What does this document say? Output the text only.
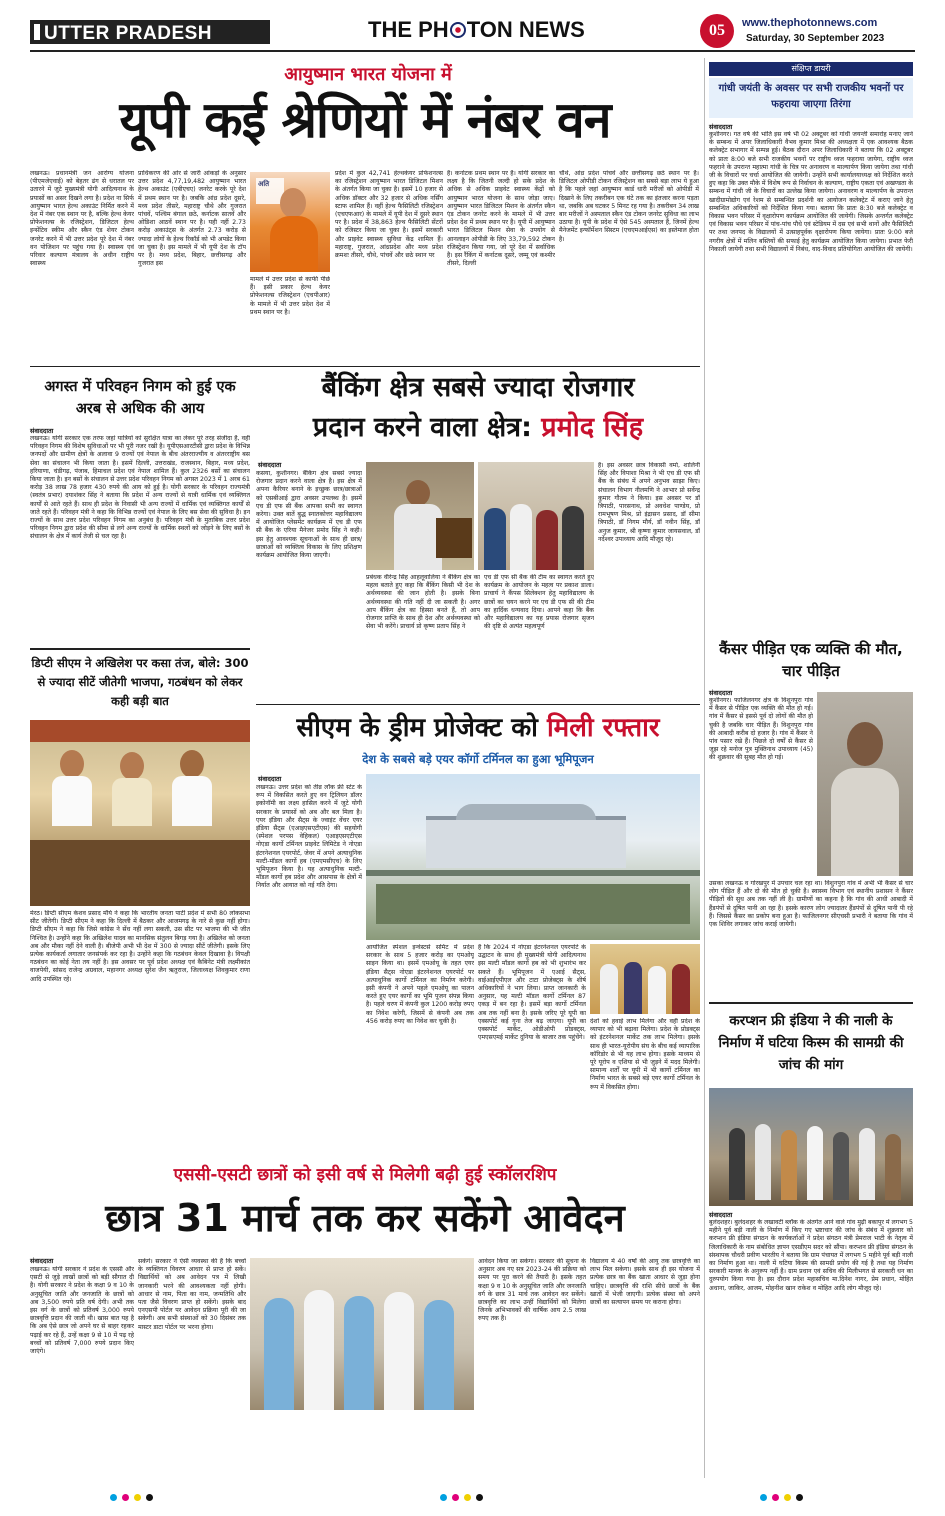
UTTER PRADESH	THE PH TON NEWS	05	www.thephotonnews.com
Saturday, 30 September 2023
आयुष्मान भारत योजना में
यूपी कई श्रेणियों में नंबर वन
लखनऊ। प्रधानमंत्री जन आरोग्य योजना (पीएमजेएवाई) को बेहतर ढंग से धरातल पर उतारने में जुटे मुख्यमंत्री योगी आदित्यनाथ के प्रयासों का असर दिखने लगा है। प्रदेश ना सिर्फ आयुष्मान भारत हेल्थ अकाउंट निर्मित करने में देश में नंबर एक स्थान पर है, बल्कि हेल्थ केयर प्रोफेशनल्स के रजिस्ट्रेशन, डिजिटल हेल्थ इन्सेंटिव स्कीम और स्कैन एंड शेयर टोकन जनरेट करने में भी उत्तर प्रदेश पूरे देश में नंबर वन पोजिशन पर पहुंच गया है। स्वास्थ्य एवं परिवार कल्याण मंत्रालय के अधीन राष्ट्रीय स्वास्थ्य
प्राधिकरण की ओर से जारी आंकड़ों के अनुसार उत्तर प्रदेश 4,77,19,482 आयुष्मान भारत हेल्थ अकाउंट (एबीएचए) जनरेट करके पूरे देश में प्रथम स्थान पर है। जबकि आंध्र प्रदेश दूसरे, मध्य प्रदेश तीसरे, महाराष्ट्र चौथे और गुजरात पांचवें, पश्चिम बंगाल छठे, कर्नाटक सातवें और ओडिशा आठवें स्थान पर है। यही नहीं 2.73 करोड़ अकाउंट्स के अंतर्गत 2.73 करोड़ से ज्यादा लोगों के हेल्थ रिकॉर्ड को भी अपडेट किया जा चुका है। इस मामले में भी यूपी देश के टॉप पर है। मध्य प्रदेश, बिहार, छत्तीसगढ़ और गुजरात इस
अति
मामले में उत्तर प्रदेश से काफी पीछे हैं। इसी प्रकार हेल्थ केयर प्रोफेशनल्स रजिस्ट्रेशन (एचपीआर) के मामले में भी उत्तर प्रदेश देश में प्रथम स्थान पर है।
प्रदेश में कुल 42,741 हेल्थकेयर प्रोफेशनल्स का रजिस्ट्रेशन आयुष्मान भारत डिजिटल मिशन के अंतर्गत किया जा चुका है। इसमें 10 हजार से अधिक डॉक्टर और 32 हजार से अधिक नर्सिंग स्टाफ शामिल हैं। वहीं हेल्थ फैसिलिटी रजिस्ट्रेशन (एचएफआर) के मामले में यूपी देश में दूसरे स्थान पर है। प्रदेश में 38,863 हेल्थ फैसिलिटी सेंटरों को रजिस्टर किया जा चुका है। इसमें सरकारी और प्राइवेट स्वास्थ्य सुविधा केंद्र शामिल हैं। महाराष्ट्र, गुजरात, आंध्रप्रदेश और मध्य प्रदेश क्रमशः तीसरे, चौथे, पांचवें और छठे स्थान पर
है। कर्नाटक प्रथम स्थान पर है। योगी सरकार का लक्ष्य है कि जितनी जल्दी हो सके प्रदेश के अधिक से अधिक प्राइवेट स्वास्थ्य केंद्रों को आयुष्मान भारत योजना के साथ जोड़ा जाए। आयुष्मान भारत डिजिटल मिशन के अंतर्गत स्कैन एंड टोकन जनरेट करने के मामले में भी उत्तर प्रदेश देश में प्रथम स्थान पर है। यूपी में आयुष्मान भारत डिजिटल मिशन सेवा के उपयोग से आनलाइन ओपीडी के लिए 33,79,592 टोकन रजिस्ट्रेशन किया गया, जो पूरे देश में सर्वाधिक है। इस रैंकिंग में कर्नाटक दूसरे, जम्मू एवं कश्मीर तीसरे, दिल्ली
चौथे, आंध्र प्रदेश पांचवें और छत्तीसगढ़ छठे स्थान पर है। डिजिटल ओपीडी टोकन रजिस्ट्रेशन का सबसे बड़ा लाभ ये हुआ है कि पहले जहां आयुष्मान कार्ड धारी मरीजों को ओपीडी में दिखाने के लिए तकरीबन एक घंटे तक का इंतजार करना पड़ता था, जबकि अब घटकर 5 मिनट रह गया है। तकरीबन 34 लाख बार मरीजों ने अस्पताल स्कैन एंड टोकन जनरेट सुविधा का लाभ उठाया है। यूपी के प्रदेश में ऐसे 545 अस्पताल हैं, जिनमें हेल्थ मैनेजमेंट इन्फॉर्मेशन सिस्टम (एचएमआईएस) का इस्तेमाल होता है।
संक्षिप्त डायरी
गांधी जयंती के अवसर पर सभी राजकीय भवनों पर फहराया जाएगा तिरंगा
संवाददाता
कुशीनगर। गत वर्ष की भांति इस वर्ष भी 02 अक्टूबर को गांधी जयन्ती समारोह मनाए जाने के सम्बन्ध में अपर जिलाधिकारी वैभव कुमार मिश्रा की अध्यक्षता में एक आवश्यक बैठक कलेक्ट्रेट सभागार में सम्पन्न हुई। बैठक दौरान अपर जिलाधिकारी ने बताया कि 02 अक्टूबर को प्रातः 8:00 बजे सभी राजकीय भवनों पर राष्ट्रीय ध्वज फहराया जायेगा, राष्ट्रीय ध्वज फहराने के उपरान्त महात्मा गांधी के चित्र पर अनावरण व माल्यार्पण किया जायेगा तथा गांधी जी के विचारों पर चर्चा आयोजित की जायेगी। उन्होंने सभी कार्यालयाध्यक्ष को निर्देशित करते हुए कहा कि उक्त मौके में विशेष रूप से निर्वाचन के कल्याण, राष्ट्रीय एकता एवं अखण्डता के सम्बन्ध में गांधी जी के विचारों का उल्लेख किया जायेगा। अनावरण व माल्यार्पण के उपरान्त खादीग्रामोद्योग एवं रेशम से सम्बन्धित प्रदर्शनी का आयोजन कलेक्ट्रेट में कराए जाने हेतु सम्बन्धित अधिकारियों को निर्देशित किया गया। बताया कि प्रातः 8:30 बजे कलेक्ट्रेट व विकास भवन परिसर में वृक्षारोपण कार्यक्रम आयोजित की जायेगी। जिसके अन्तर्गत कलेक्ट्रेट एवं विकास भवन परिसर में पांच-पांच पौधे एवं स्टेडियम में दस एवं सभी थानों और फैसिलिटी पर तथा जनपद के विद्यालयों में उत्साहपूर्वक वृक्षारोपण किया जायेगा। प्रातः 9:00 बजे नगरीय क्षेत्रों में मलिन बस्तियों की सफाई हेतु कार्यक्रम आयोजित किया जायेगा। प्रभात फेरी निकाली जायेगी तथा सभी विद्यालयों में निबंध, वाद-विवाद प्रतियोगिता आयोजित की जायेगी।
कैंसर पीड़ित एक व्यक्ति की मौत, चार पीड़ित
संवाददाता
कुशीनगर। फाजिलनगर क्षेत्र के विशुनपुरा गांव में कैंसर से पीड़ित एक व्यक्ति की मौत हो गई। गांव में कैंसर से इससे पूर्व दो लोगों की मौत हो चुकी है जबकि चार पीड़ित हैं। विशुनपुरा गांव की आबादी करीब दो हजार है। गांव में कैंसर ने पांव पसार रखे हैं। पिछले दो वर्षों से कैंसर से जूझ रहे मनोज पुत्र मुक्तिनाथ उपाध्याय (45) की शुक्रवार की सुबह मौत हो गई।
उसका लखनऊ व गोरखपुर में उपचार चल रहा था। विशुनपुरा गांव में अभी भी कैंसर से चार लोग पीड़ित हैं और दो की मौत हो चुकी है। स्वास्थ्य विभाग एवं स्थानीय प्रशासन ने कैंसर पीड़ितों की सुध अब तक नहीं ली है। ग्रामीणों का कहना है कि गांव की आधी आबादी में हैंडपंपों से दूषित पानी आ रहा है। इसके कारण लोग ज्यादातर हैंडपंपों से दूषित पानी पी रहे हैं। जिससे कैंसर का प्रकोप बना हुआ है। फाजिलनगर सीएचसी प्रभारी ने बताया कि गांव में एक शिविर लगाकर जांच कराई जायेगी।
करप्शन फ्री इंडिया ने की नाली के निर्माण में घटिया किस्म की सामग्री की जांच की मांग
संवाददाता
बुलंदशहर। बुलंदशहर के लखावटी ब्लॉक के अंतर्गत आने वाले गांव मुढ़ी बकापुर में लगभग 5 महीने पूर्व बड़ी नाली के निर्माण में किए गए भ्रष्टाचार की जांच के संबंध में शुक्रवार को करप्शन फ्री इंडिया संगठन के कार्यकर्ताओं ने प्रदेश संगठन मंत्री प्रेमराज भाटी के नेतृत्व में जिलाधिकारी के नाम संबोधित ज्ञापन एसडीएम सदर को सौंपा। करप्शन फ्री इंडिया संगठन के संस्थापक चौधरी प्रवीण भारतीय ने बताया कि ग्राम पंचायत में लगभग 5 महीने पूर्व बड़ी नाली का निर्माण हुआ था। नाली में घटिया किस्म की सामग्री प्रयोग की गई है तथा यह निर्माण सरकारी मानक के अनुरूप नहीं है। ग्राम प्रधान एवं सचिव की मिलीभगत से सरकारी धन का दुरुपयोग किया गया है। इस दौरान प्रदेश महासचिव मा.दिनेश नागर, प्रेम प्रधान, मोहित अधाना, जाकिर, आजम, मोहनीश खान राकेश व मोहित आदि लोग मौजूद रहे।
अगस्त में परिवहन निगम को हुई एक अरब से अधिक की आय
संवाददाता
लखनऊ। योगी सरकार एक तरफ जहां यात्रियों को सुरक्षित यात्रा का लेकर पूरे तरह संजीदा है, वहीं परिवहन निगम की विशेष सुविधाओं पर भी पूरी नजर रखी है। यूपीएसआरटीसी द्वारा प्रदेश के विभिन्न जनपदों और ग्रामीण क्षेत्रों के अलावा 9 राज्यों एवं नेपाल के बीच अंतरराज्यीय व अंतरराष्ट्रीय बस सेवा का संचालन भी किया जाता है। इसमें दिल्ली, उत्तराखंड, राजस्थान, बिहार, मध्य प्रदेश, हरियाणा, चंडीगढ़, पंजाब, हिमाचल प्रदेश एवं नेपाल शामिल हैं। कुल 2326 बसों का संचालन किया जाता है। इन बसों के संचालन से उत्तर प्रदेश परिवहन निगम को अगस्त 2023 में 1 अरब 61 करोड़ 38 लाख 78 हजार 430 रुपये की आय को हुई है। योगी सरकार के परिवहन राज्यमंत्री (स्वतंत्र प्रभार) दयाशंकर सिंह ने बताया कि प्रदेश में अन्य राज्यों से यात्री धार्मिक एवं व्यक्तिगत कार्यों से आते रहते हैं। साथ ही प्रदेश के निवासी भी अन्य राज्यों में धार्मिक एवं व्यक्तिगत कार्यों से जाते रहते हैं। परिवहन मंत्री ने कहा कि विभिन्न राज्यों एवं नेपाल के लिए बस सेवा की सुविधा है। इन राज्यों के साथ उत्तर प्रदेश परिवहन निगम का अनुबंध है। परिवहन मंत्री के मुताबिक उत्तर प्रदेश परिवहन निगम द्वारा प्रदेश की सीमा से लगे अन्य राज्यों के धार्मिक स्थलों को जोड़ने के लिए बसों के संचालन के क्षेत्र में कार्य तेजी से चल रहा है।
डिप्टी सीएम ने अखिलेश पर कसा तंज, बोले: 300 से ज्यादा सीटें जीतेगी भाजपा, गठबंधन को लेकर कही बड़ी बात
मेरठ। डिप्टी सीएम केशव प्रसाद मौर्य ने कहा कि भारतीय जनता पार्टी प्रदेश में सभी 80 लोकसभा सीट जीतेगी। डिप्टी सीएम ने कहा कि दिल्ली में बैठकर और आजमगढ़ के नारे से कुछ नहीं होगा। डिप्टी सीएम ने कहा कि जिसे कांग्रेस ने सेंध नहीं लगा सकती, उस सीट पर भाजपा की भी जीत निश्चित है। उन्होंने कहा कि अखिलेश यादव का मानसिक संतुलन बिगड़ गया है। अखिलेश को जनता अब और मौका नहीं देने वाली है। बीजेपी अभी भी देश में 300 से ज्यादा सीटें जीतेगी। इसके लिए प्रत्येक कार्यकर्ता लगातार जनसंपर्क कर रहा है। उन्होंने कहा कि गठबंधन केवल दिखावा है। विपक्षी गठबंधन का कोई नेता तय नहीं है। इस अवसर पर पूर्व प्रदेश अध्यक्ष एवं कैबिनेट मंत्री लक्ष्मीकांत वाजपेयी, सांसद राजेन्द्र अग्रवाल, महानगर अध्यक्ष सुरेश जैन ऋतुराज, जिलाध्यक्ष शिवकुमार राणा आदि उपस्थित रहे।
बैंकिंग क्षेत्र सबसे ज्यादा रोजगार
प्रदान करने वाला क्षेत्र: प्रमोद सिंह
संवाददाता
कसया, कुशीनगर। बैंकिंग क्षेत्र सबसे ज्यादा रोजगार प्रदान करने वाला क्षेत्र है। इस क्षेत्र में अपना कैरियर बनाने के इच्छुक छात्र/छात्राओं को एसबीआई द्वारा अवसर उपलब्ध है। इसमें एच डी एफ सी बैंक आपका सभी का स्वागत करेगा। उक्त बातें बुद्ध स्नातकोत्तर महाविद्यालय में आयोजित प्लेसमेंट कार्यक्रम में एच डी एफ सी बैंक के एरिया मैनेजर प्रमोद सिंह ने कही। इस हेतु आवश्यक सूचनाओं के साथ ही छात्र/छात्राओं को व्यक्तित्व विकास के लिए प्रशिक्षण कार्यक्रम आयोजित किया जाएगी।
प्रबंधक वीरेन्द्र सिंह आहलूवालिया ने बैंकिंग क्षेत्र का महत्व बताते हुए कहा कि बैंकिंग किसी भी देश के अर्थव्यवस्था की जान होती है। इसके बिना अर्थव्यवस्था की गति नहीं दी जा सकती है। अगर आप बैंकिंग क्षेत्र का हिस्सा बनते हैं, तो आप रोजगार प्राप्ति के साथ ही देश और अर्थव्यवस्था को सेवा भी करेंगे। प्राचार्य प्रो कृष्ण प्रताप सिंह ने
एच डी एफ सी बैंक की टीम का स्वागत करते हुए कार्यक्रम के आयोजन के महत्व पर प्रकाश डाला। प्राचार्य ने कैंपस सिलेक्शन हेतु महाविद्यालय के छात्रों का चयन करने पर एच डी एफ सी की टीम का हार्दिक धन्यवाद दिया। आपने कहा कि बैंक और महाविद्यालय का यह प्रयास रोजगार सृजन की दृष्टि से अत्यंत महत्वपूर्ण
है। इस अवसर छात्र विकासी वर्मा, शालिनी सिंह और विपाशा मिश्रा ने भी एच डी एफ सी बैंक के संबंध में अपने अनुभव साझा किए। संचालन विभाग नीलमणि ने आभार प्रो सर्वेन्द्र कुमार गौतम ने किया। इस अवसर पर डॉ त्रिपाठी, पारसनाथ, प्रो अवधेश पाण्डेय, प्रो रामभूषण मिश्र, प्रो इंद्रासन प्रसाद, डॉ सीमा त्रिपाठी, डॉ निगम मौर्य, डॉ नवीन सिंह, डॉ अनुज कुमार, श्री कृष्णा कुमार जायसवाल, डॉ नर्देश्वर उपाध्याय आदि मौजूद रहे।
सीएम के ड्रीम प्रोजेक्ट को मिली रफ्तार
देश के सबसे बड़े एयर कॉर्गो टर्मिनल का हुआ भूमिपूजन
संवाददाता
लखनऊ। उत्तर प्रदेश को तीव्र लॉक फ्री स्टेट के रूप में विकसित करते हुए वन ट्रिलियन डॉलर इकोनॉमी का लक्ष्य हासिल करने में जुटे योगी सरकार के प्रयासों को अब और बल मिला है। एयर इंडिया और सैट्स के ज्वाइंट वेंचर एयर इंडिया सैट्स (एआइएसएटीएस) की सहयोगी (स्पेशल परपस वेहिकल) एआइएसएटीएस नोएडा कार्गो टर्मिनल प्राइवेट लिमिटेड ने नोएडा इंटरनेशनल एयरपोर्ट, जेवर में अपने अत्याधुनिक मल्टी-मॉडल कार्गो हब (एमएमसीएच) के लिए भूमिपूजन किया है। यह अत्याधुनिक मल्टी-मॉडल कार्गो हब प्रदेश और आसपास के क्षेत्रों में निर्यात और आयात को नई गति देगा।
आयोजित स्पेशल इन्वेस्टर्स समिट में प्रदेश सरकार के साथ 5 हजार करोड़ का एमओयू साइन किया था। इसमें एमओयू के तहत एयर इंडिया सैट्स नोएडा इंटरनेशनल एयरपोर्ट पर अत्याधुनिक कार्गो टर्मिनल का निर्माण करेगी। इसी कंपनी ने अपने पहले एमओयू का पालन करते हुए एयर कार्गो का भूमि पूजन संपन्न किया है। पहले चरण में कंपनी कुल 1200 करोड़ रुपए का निवेश करेगी, जिसमें से कंपनी अब तक 456 करोड़ रुपए का निवेश कर चुकी है।
है कि 2024 में नोएडा इंटरनेशनल एयरपोर्ट के उद्घाटन के साथ ही मुख्यमंत्री योगी आदित्यनाथ इस मल्टी मॉडल कार्गो हब को भी शुभारंभ कर सकते हैं। भूमिपूजन में एआई सैट्स, वाईआईएपीएल और टाटा प्रोजेक्ट्स के शीर्ष अधिकारियों ने भाग लिया। प्राप्त जानकारी के अनुसार, यह मल्टी मॉडल कार्गो टर्मिनल 87 एकड़ में बन रहा है। इसमें बड़ा कार्गो टर्मिनल अब तक नहीं बना है। इसके जरिए पूरे यूपी का एक्सपोर्ट कई गुना तेज बढ़ जाएगा। यूपी का एक्सपोर्ट मार्केट, ओडीओपी प्रोडक्ट्स, एमएसएमई मार्केट दुनिया के बाजार तक पहुंचेंगे।
देशों को हवाई लाभ मिलेगा और वहीं प्रदेश के व्यापार को भी बढ़ावा मिलेगा। प्रदेश के प्रोडक्ट्स को इंटरनेशनल मार्केट तक लाभ मिलेगा। इसके साथ ही भारत-यूरोपीय संघ के बीच कई व्यापारिक कॉरिडोर से भी यह लाभ होगा। इसके माध्यम से पूरे यूरोप व एशिया से भी जुड़ने में मदद मिलेगी। सामान्य शर्तों पर यूपी में भी कार्गो टर्मिनल का निर्माण भारत के सबसे बड़े एयर कार्गो टर्मिनल के रूप में विकसित होगा।
एससी-एसटी छात्रों को इसी वर्ष से मिलेगी बढ़ी हुई स्कॉलरशिप
छात्र 31 मार्च तक कर सकेंगे आवेदन
संवाददाता
लखनऊ। योगी सरकार ने प्रदेश के एससी और एसटी से जुड़े लाखों छात्रों को बड़ी सौगात दी है। योगी सरकार ने प्रदेश के कक्षा 9 व 10 के अनुसूचित जाति और जनजाति के छात्रों को अब 3,500 रुपये प्रति वर्ष देगी। अभी तक इस वर्ग के छात्रों को प्रतिवर्ष 3,000 रुपये छात्रवृत्ति प्रदान की जाती थी। खास बात यह है कि अब ऐसे छात्र जो अपने घर से बाहर रहकर पढ़ाई कर रहे हैं, उन्हें कक्षा 9 से 10 में पढ़ रहे बच्चों को प्रतिवर्ष 7,000 रुपये प्रदान किए जाएंगे।
सकेंगे। सरकार ने ऐसी व्यवस्था की है कि बच्चों के व्यक्तिगत विवरण आधार से प्राप्त हो सकें। विद्यार्थियों को अब आवेदन पत्र में लिखी जानकारी भरने की आवश्यकता नहीं होगी। आधार से नाम, पिता का नाम, जन्मतिथि और पता जैसे विवरण प्राप्त हो सकेंगे। इसके बाद एनएसपी पोर्टल पर आवेदन प्रक्रिया पूरी की जा सकेगी। अब सभी संस्थाओं को 30 दिसंबर तक मास्टर डाटा पोर्टल पर भरना होगा।
आवेदन किया जा सकेगा। सरकार की सूचना के अनुसार अब नए सत्र 2023-24 की प्रक्रिया को समय पर पूरा करने की तैयारी है। इसके तहत कक्षा 9 व 10 के अनुसूचित जाति और जनजाति वर्ग के छात्र 31 मार्च तक आवेदन कर सकेंगे। छात्रवृत्ति का लाभ उन्हीं विद्यार्थियों को मिलेगा जिनके अभिभावकों की वार्षिक आय 2.5 लाख रुपए तक है।
विद्यालय में 40 वर्षों की आयु तक छात्रवृत्ति का लाभ मिल सकेगा। इसके साथ ही इस योजना में प्रत्येक छात्र का बैंक खाता आधार से जुड़ा होना चाहिए। छात्रवृत्ति की राशि सीधे छात्रों के बैंक खातों में भेजी जाएगी। प्रत्येक संस्था को अपने छात्रों का सत्यापन समय पर कराना होगा।
